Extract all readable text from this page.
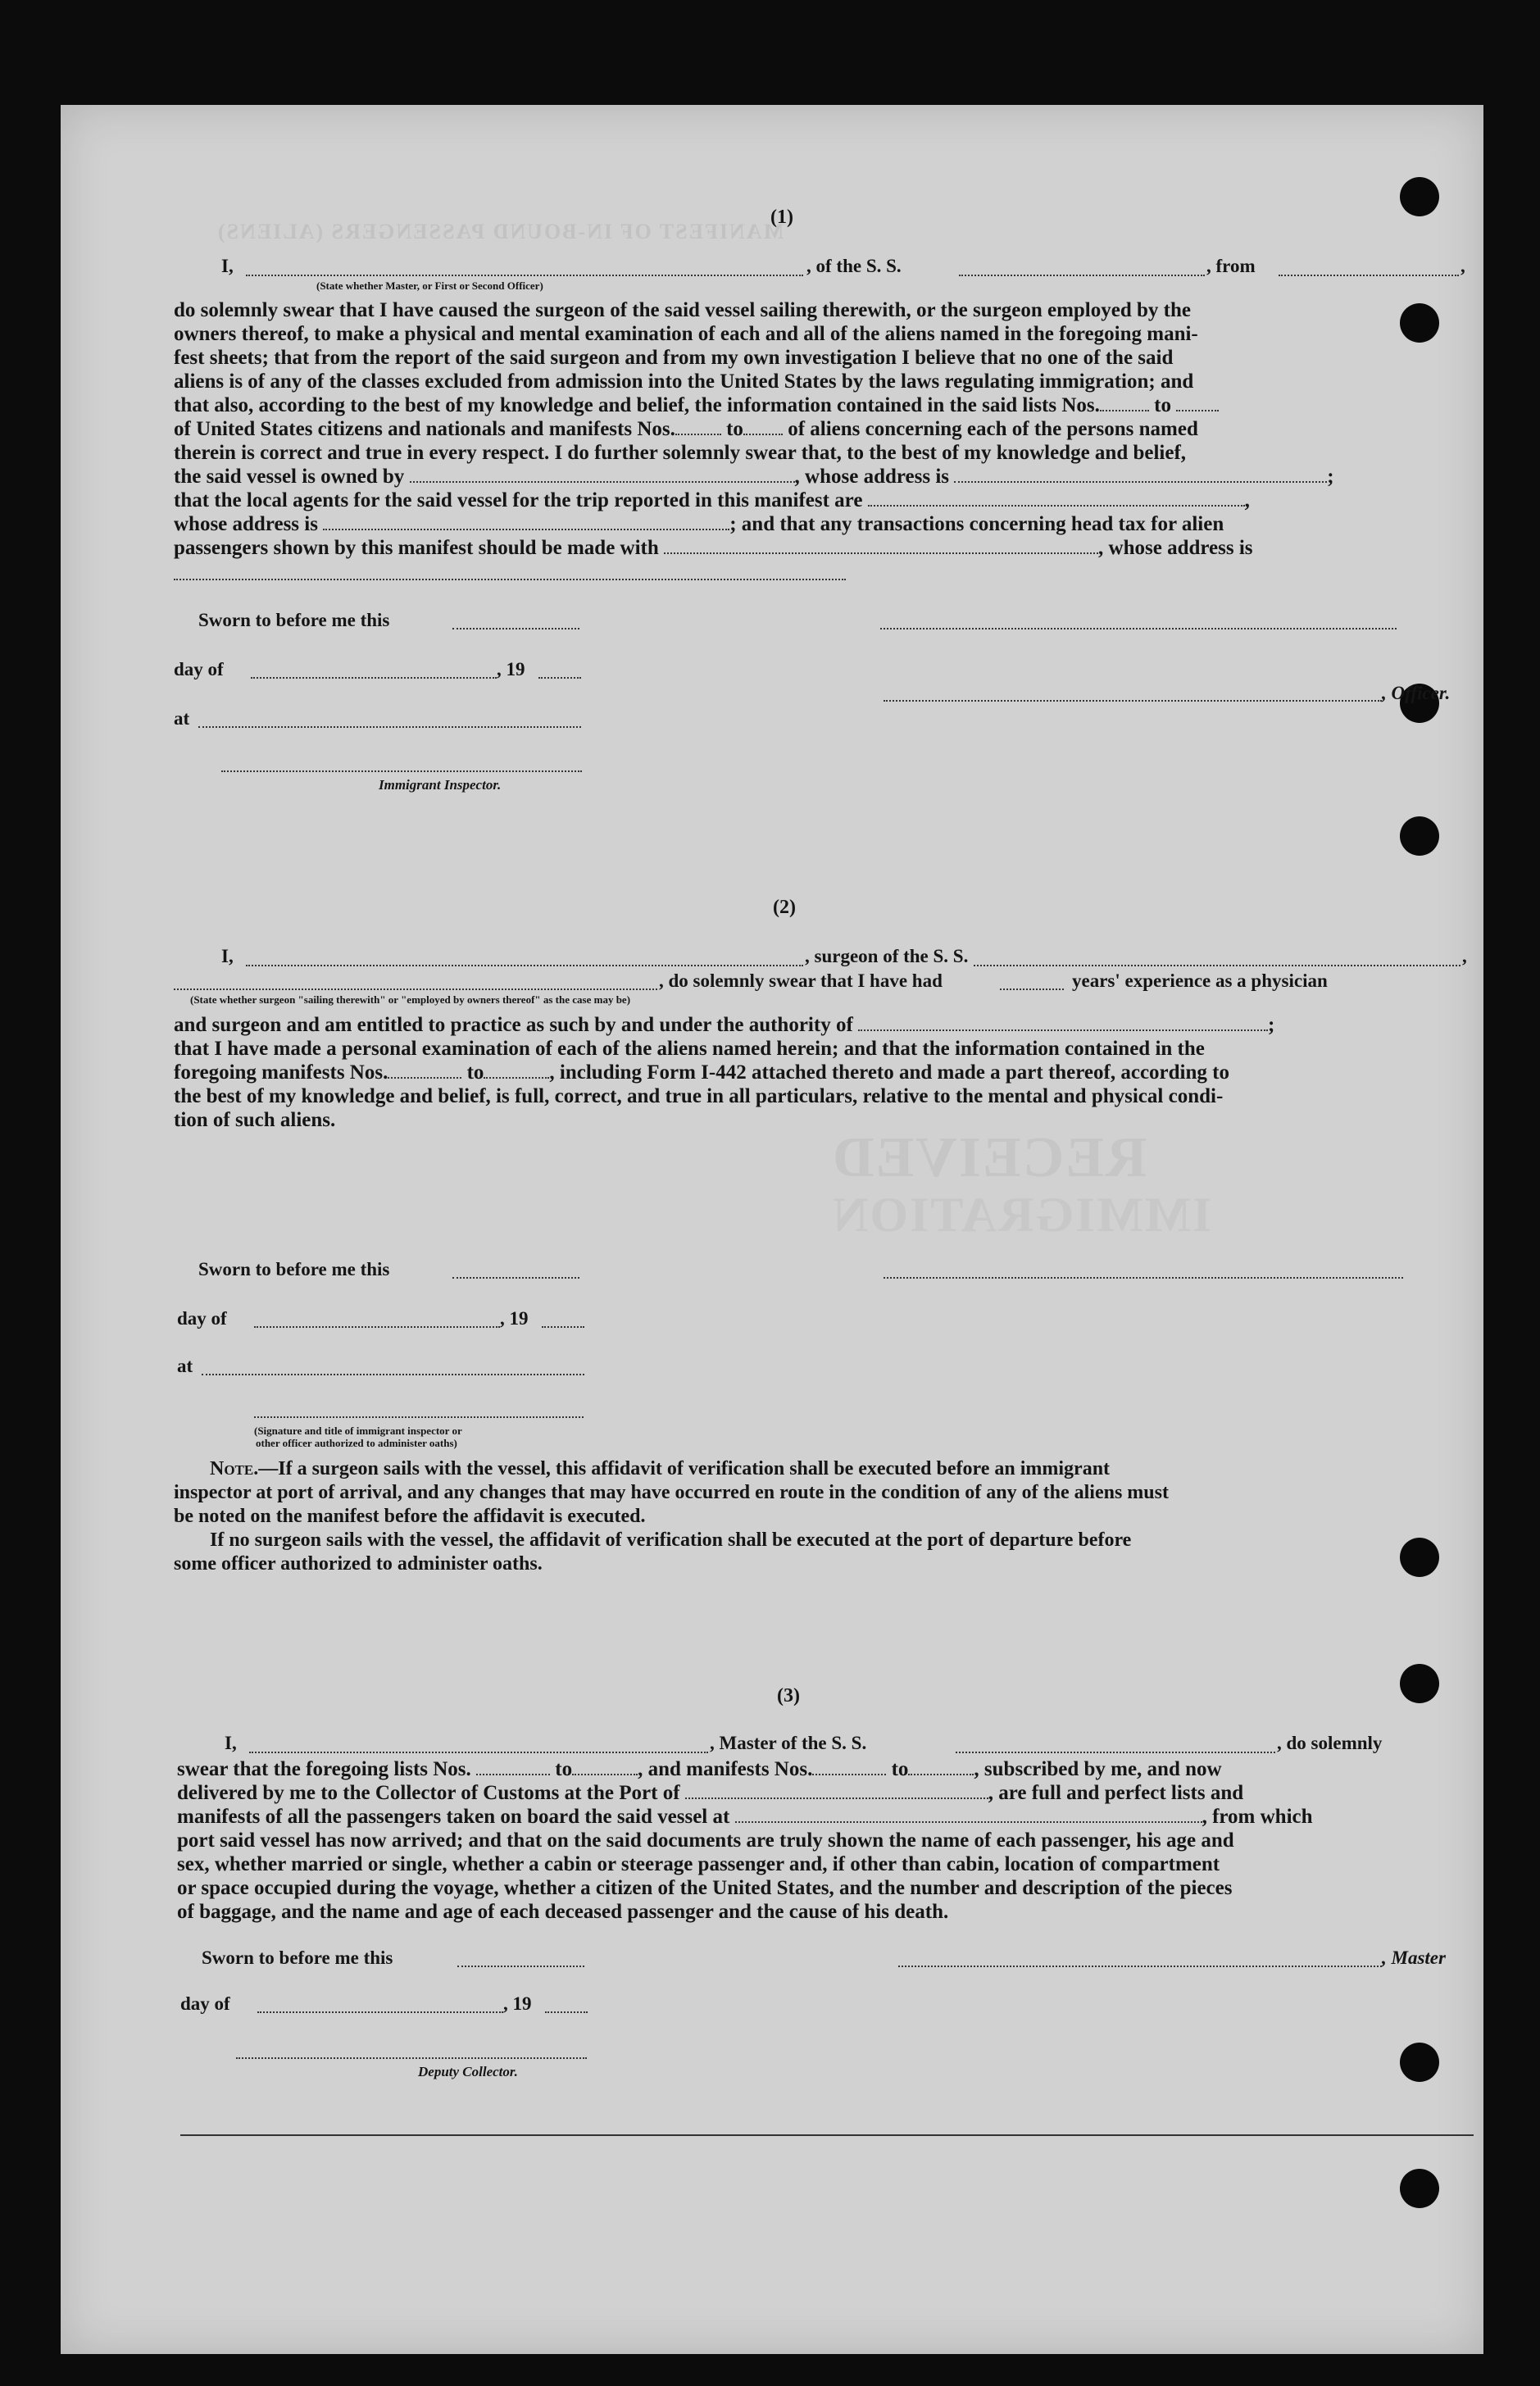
MANIFEST OF IN-BOUND PASSENGERS (ALIENS)
RECEIVED
IMMIGRATION
(1)
I,	, of the S. S.	, from	,
(State whether Master, or First or Second Officer)

do solemnly swear that I have caused the surgeon of the said vessel sailing therewith, or the surgeon employed by the

owners thereof, to make a physical and mental examination of each and all of the aliens named in the foregoing mani-

fest sheets; that from the report of the said surgeon and from my own investigation I believe that no one of the said

aliens is of any of the classes excluded from admission into the United States by the laws regulating immigration; and

that also, according to the best of my knowledge and belief, the information contained in the said lists Nos.	to

of United States citizens and nationals and manifests Nos. to of aliens concerning each of the persons named

therein is correct and true in every respect. I do further solemnly swear that, to the best of my knowledge and belief,

the said vessel is owned by	, whose address is	;

that the local agents for the said vessel for the trip reported in this manifest are	,

whose address is	; and that any transactions concerning head tax for alien

passengers shown by this manifest should be made with	, whose address is

Sworn to before me this
day of	, 19
at
Immigrant Inspector.
, Officer.
(2)
I,	, surgeon of the S. S.	,
, do solemnly swear that I have had	years' experience as a physician
(State whether surgeon "sailing therewith" or "employed by owners thereof" as the case may be)

and surgeon and am entitled to practice as such by and under the authority of	;

that I have made a personal examination of each of the aliens named herein; and that the information contained in the

foregoing manifests Nos.	to	, including Form I-442 attached thereto and made a part thereof, according to

the best of my knowledge and belief, is full, correct, and true in all particulars, relative to the mental and physical condi-

tion of such aliens.

Sworn to before me this
day of	, 19
at
(Signature and title of immigrant inspector or
other officer authorized to administer oaths)

Note.—If a surgeon sails with the vessel, this affidavit of verification shall be executed before an immigrant

inspector at port of arrival, and any changes that may have occurred en route in the condition of any of the aliens must

be noted on the manifest before the affidavit is executed.

If no surgeon sails with the vessel, the affidavit of verification shall be executed at the port of departure before

some officer authorized to administer oaths.

(3)
I,	, Master of the S. S.	, do solemnly

swear that the foregoing lists Nos.	to	, and manifests Nos.	to	, subscribed by me, and now

delivered by me to the Collector of Customs at the Port of	, are full and perfect lists and

manifests of all the passengers taken on board the said vessel at	, from which

port said vessel has now arrived; and that on the said documents are truly shown the name of each passenger, his age and

sex, whether married or single, whether a cabin or steerage passenger and, if other than cabin, location of compartment

or space occupied during the voyage, whether a citizen of the United States, and the number and description of the pieces

of baggage, and the name and age of each deceased passenger and the cause of his death.

Sworn to before me this	, Master
day of	, 19
Deputy Collector.
